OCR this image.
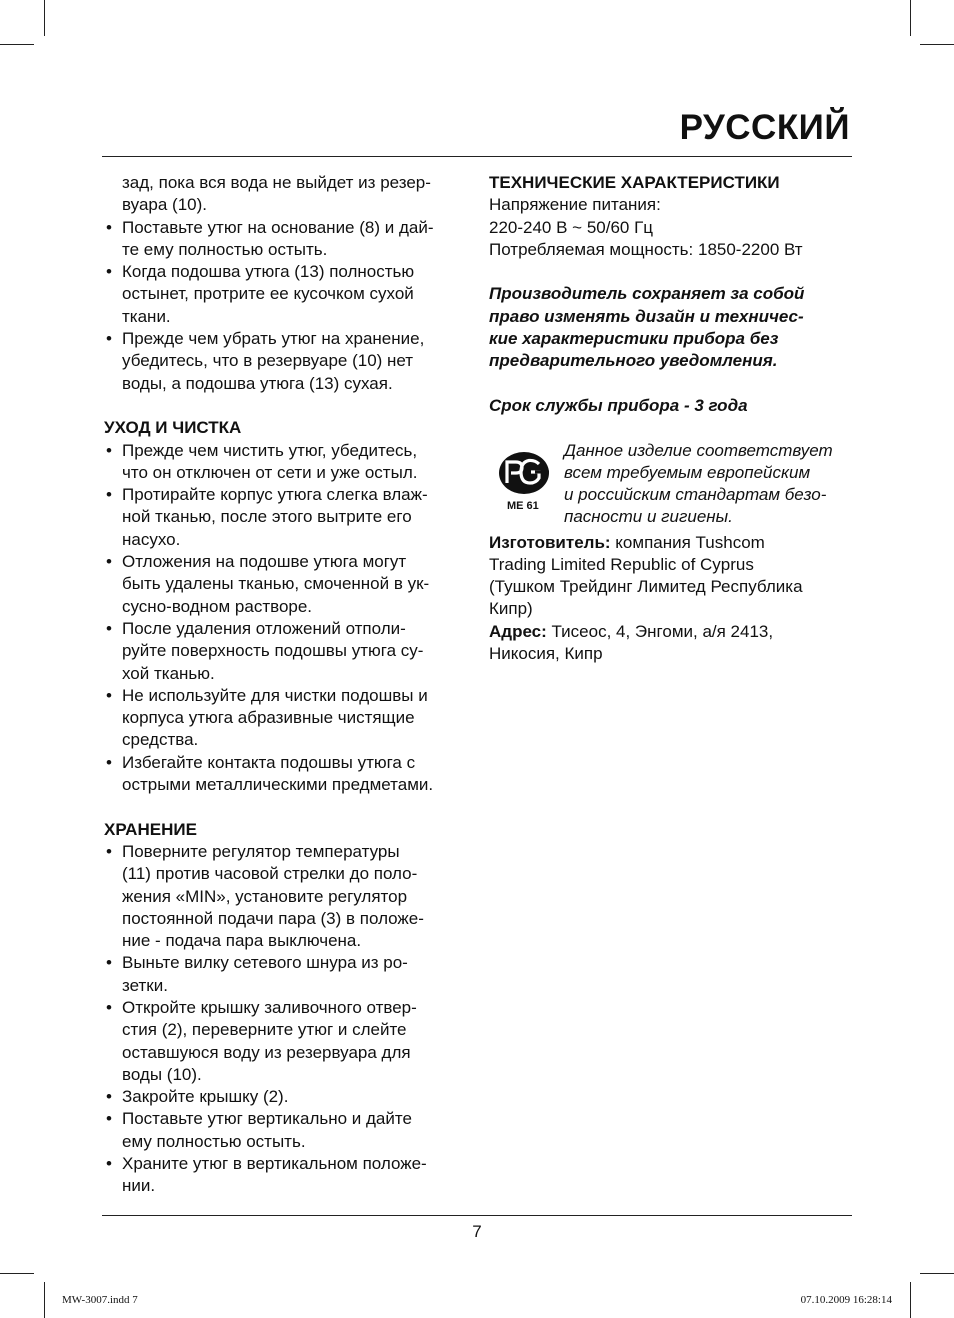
РУССКИЙ
зад, пока вся вода не выйдет из резер-
вуара (10).
• Поставьте утюг на основание (8) и дай-
те ему полностью остыть.
• Когда подошва утюга (13) полностью
остынет, протрите ее кусочком сухой
ткани.
• Прежде чем убрать утюг на хранение,
убедитесь, что в резервуаре (10) нет
воды, а подошва утюга (13) сухая.
УХОД И ЧИСТКА
• Прежде чем чистить утюг, убедитесь,
что он отключен от сети и уже остыл.
• Протирайте корпус утюга слегка влаж-
ной тканью, после этого вытрите его
насухо.
• Отложения на подошве утюга могут
быть удалены тканью, смоченной в ук-
сусно-водном растворе.
• После удаления отложений отполи-
руйте поверхность подошвы утюга су-
хой тканью.
• Не используйте для чистки подошвы и
корпуса утюга абразивные чистящие
средства.
• Избегайте контакта подошвы утюга с
острыми металлическими предметами.
ХРАНЕНИЕ
• Поверните регулятор температуры
(11) против часовой стрелки до поло-
жения «MIN», установите регулятор
постоянной подачи пара (3) в положе-
ние - подача пара выключена.
• Выньте вилку сетевого шнура из ро-
зетки.
• Откройте крышку заливочного отвер-
стия (2), переверните утюг и слейте
оставшуюся воду из резервуара для
воды (10).
• Закройте крышку (2).
• Поставьте утюг вертикально и дайте
ему полностью остыть.
• Храните утюг в вертикальном положе-
нии.
ТЕХНИЧЕСКИЕ ХАРАКТЕРИСТИКИ
Напряжение питания:
220-240 В ~ 50/60 Гц
Потребляемая мощность: 1850-2200 Вт
Производитель сохраняет за собой
право изменять дизайн и техничес-
кие характеристики прибора без
предварительного уведомления.
Срок службы прибора - 3 года
МЕ 61
Данное изделие соответствует
всем требуемым европейским
и российским стандартам безо-
пасности и гигиены.
Изготовитель: компания Tushcom
Trading Limited Republic of Cyprus
(Тушком Трейдинг Лимитед Республика
Кипр)
Адрес: Тисеос, 4, Энгоми, а/я 2413,
Никосия, Кипр
7
MW-3007.indd 7	07.10.2009 16:28:14
